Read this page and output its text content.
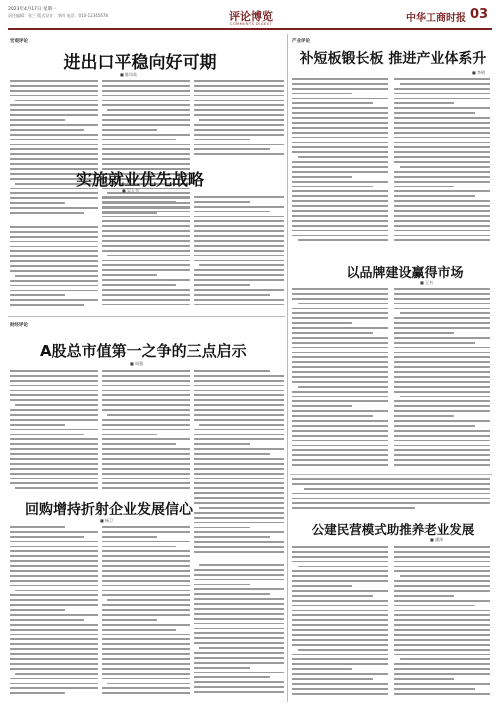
2023年4月17日 星期一
责任编辑：张三 版式设计：李四 电话：010-12345678	评论博览
COMMENTS DIGEST	中华工商时报 03
宏观评论
进出口平稳向好可期
■ 陈凤英
实施就业优先战略
■ 吴人韦
产业评论
补短板锻长板 推进产业体系升
■ 李明
以品牌建设赢得市场
■ 王书
财经评论
A股总市值第一之争的三点启示
■ 周强
回购增持折射企业发展信心
■ 杨卫
公建民营模式助推养老业发展
■ 潘涛
